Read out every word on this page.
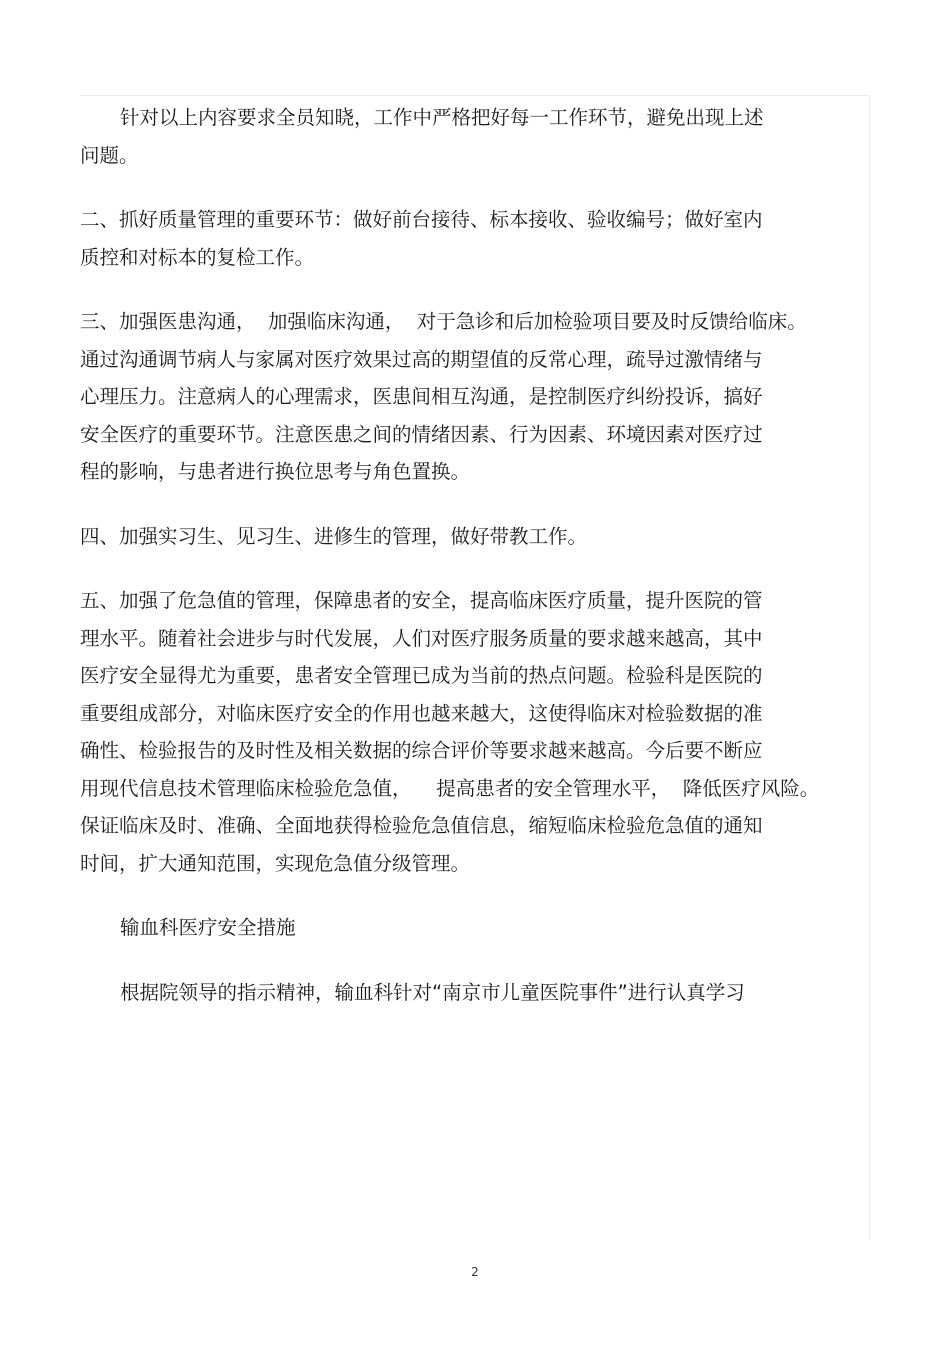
针对以上内容要求全员知晓，工作中严格把好每一工作环节，避免出现上述
问题。

二、抓好质量管理的重要环节：做好前台接待、标本接收、验收编号；做好室内
质控和对标本的复检工作。

三、加强医患沟通，  加强临床沟通，  对于急诊和后加检验项目要及时反馈给临床。
通过沟通调节病人与家属对医疗效果过高的期望值的反常心理，疏导过激情绪与
心理压力。注意病人的心理需求，医患间相互沟通，是控制医疗纠纷投诉，搞好
安全医疗的重要环节。注意医患之间的情绪因素、行为因素、环境因素对医疗过
程的影响，与患者进行换位思考与角色置换。

四、加强实习生、见习生、进修生的管理，做好带教工作。

五、加强了危急值的管理，保障患者的安全，提高临床医疗质量，提升医院的管
理水平。随着社会进步与时代发展，人们对医疗服务质量的要求越来越高，其中
医疗安全显得尤为重要，患者安全管理已成为当前的热点问题。检验科是医院的
重要组成部分，对临床医疗安全的作用也越来越大，这使得临床对检验数据的准
确性、检验报告的及时性及相关数据的综合评价等要求越来越高。今后要不断应
用现代信息技术管理临床检验危急值，    提高患者的安全管理水平，  降低医疗风险。
保证临床及时、准确、全面地获得检验危急值信息，缩短临床检验危急值的通知
时间，扩大通知范围，实现危急值分级管理。

输血科医疗安全措施

根据院领导的指示精神，输血科针对“南京市儿童医院事件”进行认真学习

2
